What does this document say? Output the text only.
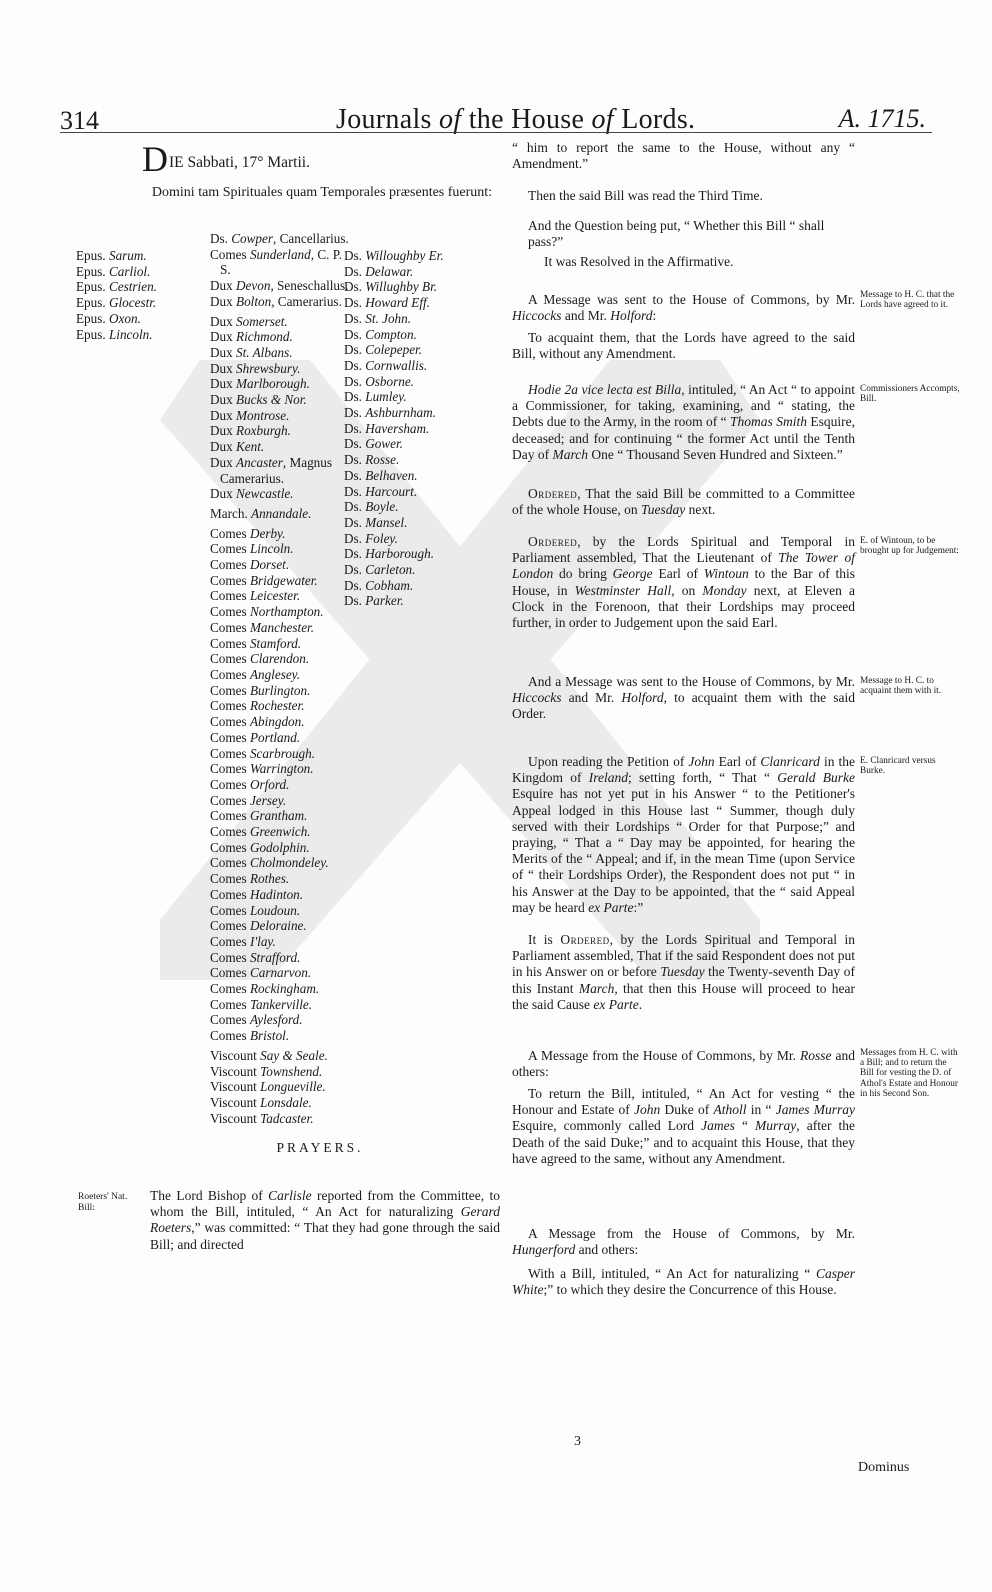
314	Journals of the House of Lords.	A. 1715.
DIE Sabbati, 17° Martii.
Domini tam Spirituales quam Temporales præsentes fuerunt:
Epus. Sarum.
Epus. Carliol.
Epus. Cestrien.
Epus. Glocestr.
Epus. Oxon.
Epus. Lincoln.
Ds. Cowper, Cancellarius.
Comes Sunderland, C. P. S.
Dux Devon, Seneschallus.
Dux Bolton, Camerarius.
Dux Somerset.
Dux Richmond.
Dux St. Albans.
Dux Shrewsbury.
Dux Marlborough.
Dux Bucks & Nor.
Dux Montrose.
Dux Roxburgh.
Dux Kent.
Dux Ancaster, Magnus Camerarius.
Dux Newcastle.
March. Annandale.
Comes Derby.
Comes Lincoln.
Comes Dorset.
Comes Bridgewater.
Comes Leicester.
Comes Northampton.
Comes Manchester.
Comes Stamford.
Comes Clarendon.
Comes Anglesey.
Comes Burlington.
Comes Rochester.
Comes Abingdon.
Comes Portland.
Comes Scarbrough.
Comes Warrington.
Comes Orford.
Comes Jersey.
Comes Grantham.
Comes Greenwich.
Comes Godolphin.
Comes Cholmondeley.
Comes Rothes.
Comes Hadinton.
Comes Loudoun.
Comes Deloraine.
Comes I'lay.
Comes Strafford.
Comes Carnarvon.
Comes Rockingham.
Comes Tankerville.
Comes Aylesford.
Comes Bristol.
Viscount Say & Seale.
Viscount Townshend.
Viscount Longueville.
Viscount Lonsdale.
Viscount Tadcaster.
Ds. Willoughby Er.
Ds. Delawar.
Ds. Willughby Br.
Ds. Howard Eff.
Ds. St. John.
Ds. Compton.
Ds. Colepeper.
Ds. Cornwallis.
Ds. Osborne.
Ds. Lumley.
Ds. Ashburnham.
Ds. Haversham.
Ds. Gower.
Ds. Rosse.
Ds. Belhaven.
Ds. Harcourt.
Ds. Boyle.
Ds. Mansel.
Ds. Foley.
Ds. Harborough.
Ds. Carleton.
Ds. Cobham.
Ds. Parker.
PRAYERS.
Roeters' Nat. Bill:
The Lord Bishop of Carlisle reported from the Committee, to whom the Bill, intituled, “ An Act for naturalizing Gerard Roeters,” was committed: “ That they had gone through the said Bill; and directed
“ him to report the same to the House, without any “ Amendment.”
Then the said Bill was read the Third Time.
And the Question being put, “ Whether this Bill “ shall pass?”
It was Resolved in the Affirmative.
A Message was sent to the House of Commons, by Mr. Hiccocks and Mr. Holford:
To acquaint them, that the Lords have agreed to the said Bill, without any Amendment.
Hodie 2a vice lecta est Billa, intituled, “ An Act “ to appoint a Commissioner, for taking, examining, and “ stating, the Debts due to the Army, in the room of “ Thomas Smith Esquire, deceased; and for continuing “ the former Act until the Tenth Day of March One “ Thousand Seven Hundred and Sixteen.”
Ordered, That the said Bill be committed to a Committee of the whole House, on Tuesday next.
Ordered, by the Lords Spiritual and Temporal in Parliament assembled, That the Lieutenant of The Tower of London do bring George Earl of Wintoun to the Bar of this House, in Westminster Hall, on Monday next, at Eleven a Clock in the Forenoon, that their Lordships may proceed further, in order to Judgement upon the said Earl.
And a Message was sent to the House of Commons, by Mr. Hiccocks and Mr. Holford, to acquaint them with the said Order.
Upon reading the Petition of John Earl of Clanricard in the Kingdom of Ireland; setting forth, “ That “ Gerald Burke Esquire has not yet put in his Answer “ to the Petitioner's Appeal lodged in this House last “ Summer, though duly served with their Lordships “ Order for that Purpose;” and praying, “ That a “ Day may be appointed, for hearing the Merits of the “ Appeal; and if, in the mean Time (upon Service of “ their Lordships Order), the Respondent does not put “ in his Answer at the Day to be appointed, that the “ said Appeal may be heard ex Parte:”
It is Ordered, by the Lords Spiritual and Temporal in Parliament assembled, That if the said Respondent does not put in his Answer on or before Tuesday the Twenty-seventh Day of this Instant March, that then this House will proceed to hear the said Cause ex Parte.
A Message from the House of Commons, by Mr. Rosse and others:
To return the Bill, intituled, “ An Act for vesting “ the Honour and Estate of John Duke of Atholl in “ James Murray Esquire, commonly called Lord James “ Murray, after the Death of the said Duke;” and to acquaint this House, that they have agreed to the same, without any Amendment.
A Message from the House of Commons, by Mr. Hungerford and others:
With a Bill, intituled, “ An Act for naturalizing “ Casper White;” to which they desire the Concurrence of this House.
Message to H. C. that the Lords have agreed to it.
Commissioners Accompts, Bill.
E. of Wintoun, to be brought up for Judgement:
Message to H. C. to acquaint them with it.
E. Clanricard versus Burke.
Messages from H. C. with a Bill; and to return the Bill for vesting the D. of Athol's Estate and Honour in his Second Son.
3
Dominus
